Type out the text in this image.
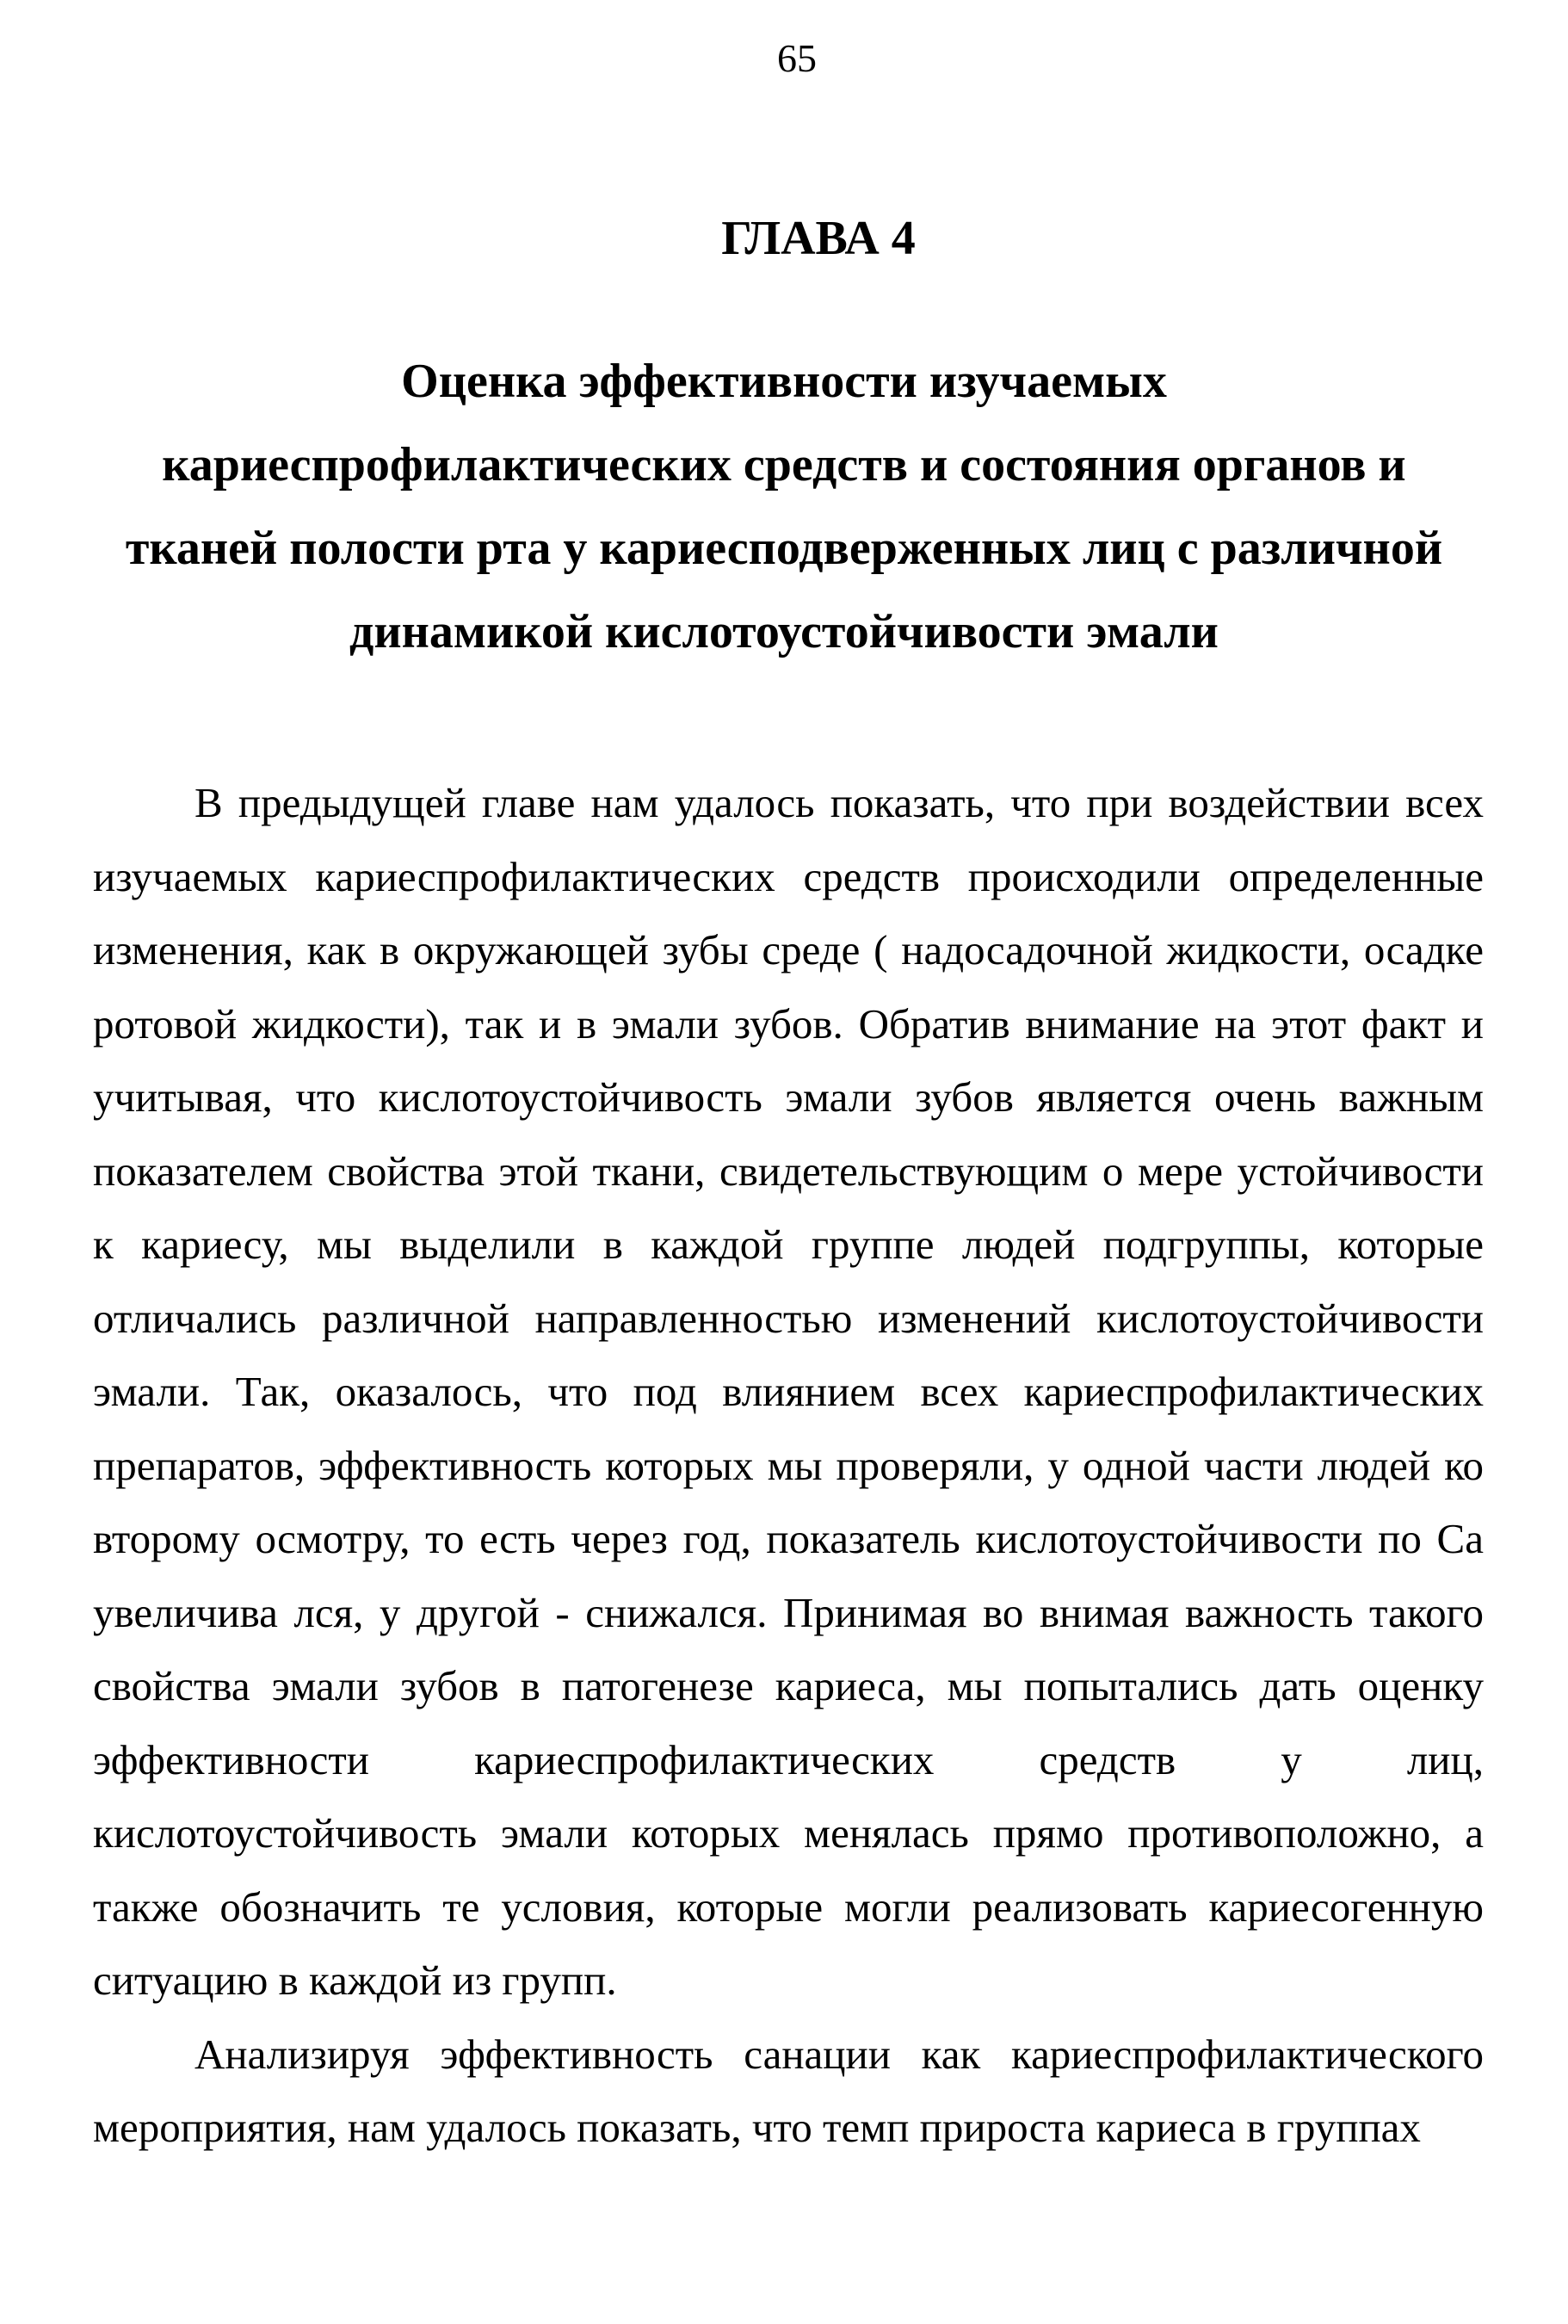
65

ГЛАВА 4
Оценка эффективности изучаемых
кариеспрофилактических средств и состояния органов и
тканей полости рта у кариесподверженных лиц с различной
динамикой кислотоустойчивости эмали

В предыдущей главе нам удалось показать, что при воздействии всех изучаемых кариеспрофилактических средств происходили определенные изменения, как в окружающей зубы среде ( надосадочной жидкости, осадке ротовой жидкости), так и в эмали зубов. Обратив внимание на этот факт и учитывая, что кислотоустойчивость эмали зубов является очень важным показателем свойства этой ткани, свидетельствующим о мере устойчивости к кариесу, мы выделили в каждой группе людей подгруппы, которые отличались различной направленностью изменений кислотоустойчивости эмали. Так, оказалось, что под влиянием всех кариеспрофилактических препаратов, эффективность которых мы проверяли, у одной части людей ко второму осмотру, то есть через год, показатель кислотоустойчивости по Са увеличива лся, у другой - снижался. Принимая во внимая важность такого свойства эмали зубов в патогенезе кариеса, мы попытались дать оценку эффективности кариеспрофилактических средств у лиц, кислотоустойчивость эмали которых менялась прямо противоположно, а также обозначить те условия, которые могли реализовать кариесогенную ситуацию в каждой из групп.

Анализируя эффективность санации как кариеспрофилактического мероприятия, нам удалось показать, что темп прироста кариеса в группах
